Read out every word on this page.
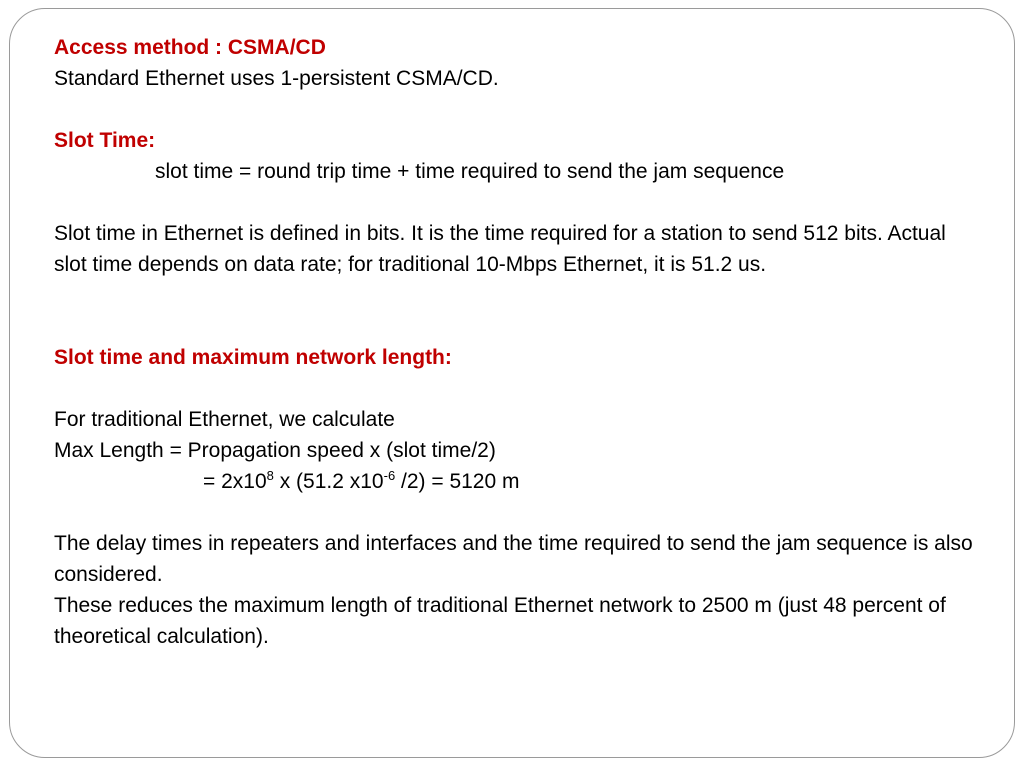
Access method : CSMA/CD
Standard Ethernet uses 1-persistent CSMA/CD.
Slot Time:
slot time = round trip time + time required to send the jam sequence
Slot time in Ethernet is defined in bits. It is the time required for a station to send 512 bits. Actual slot time depends on data rate; for traditional 10-Mbps Ethernet, it is 51.2 us.
Slot time and maximum network length:
For traditional Ethernet, we calculate
Max Length = Propagation speed x (slot time/2)
= $2x10^8$ x (51.2 $x10^{-6}$ /2) = 5120 m
The delay times in repeaters and interfaces and the time required to send the jam sequence is also considered.
These reduces the maximum length of traditional Ethernet network to 2500 m (just 48 percent of theoretical calculation).
